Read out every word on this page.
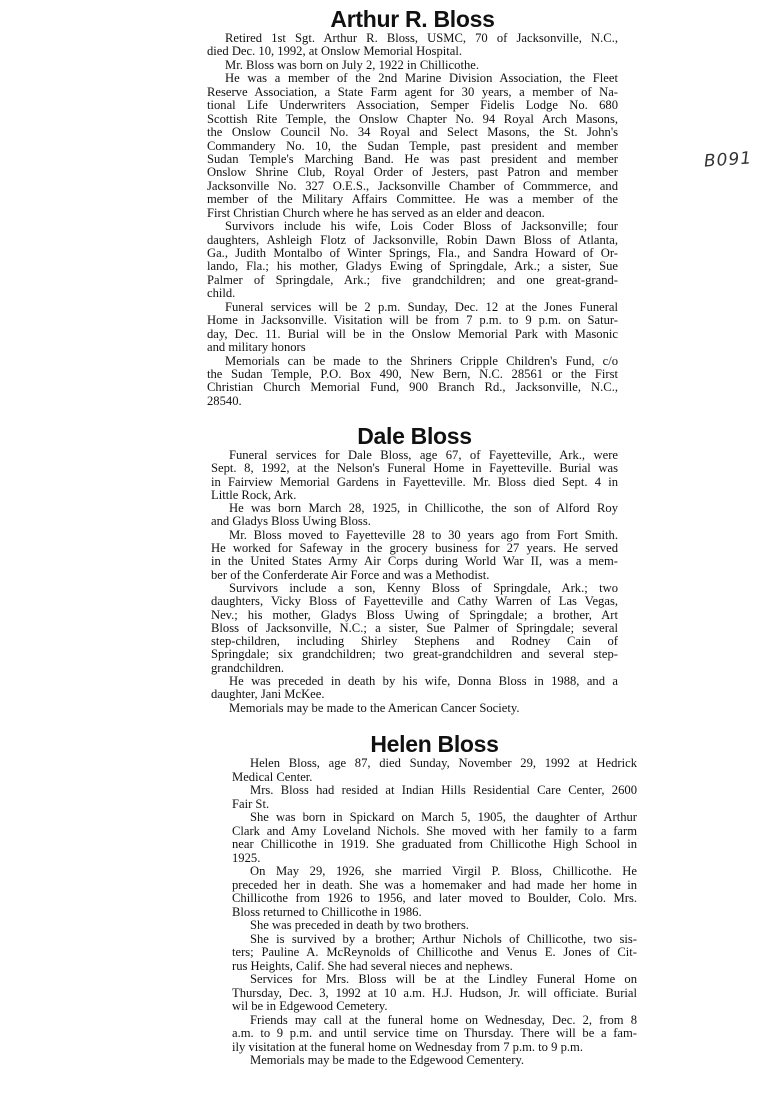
B091
Arthur R. Bloss
Retired 1st Sgt. Arthur R. Bloss, USMC, 70 of Jacksonville, N.C.,
died Dec. 10, 1992, at Onslow Memorial Hospital.
Mr. Bloss was born on July 2, 1922 in Chillicothe.
He was a member of the 2nd Marine Division Association, the Fleet
Reserve Association, a State Farm agent for 30 years, a member of Na-
tional Life Underwriters Association, Semper Fidelis Lodge No. 680
Scottish Rite Temple, the Onslow Chapter No. 94 Royal Arch Masons,
the Onslow Council No. 34 Royal and Select Masons, the St. John's
Commandery No. 10, the Sudan Temple, past president and member
Sudan Temple's Marching Band. He was past president and member
Onslow Shrine Club, Royal Order of Jesters, past Patron and member
Jacksonville No. 327 O.E.S., Jacksonville Chamber of Commmerce, and
member of the Military Affairs Committee. He was a member of the
First Christian Church where he has served as an elder and deacon.
Survivors include his wife, Lois Coder Bloss of Jacksonville; four
daughters, Ashleigh Flotz of Jacksonville, Robin Dawn Bloss of Atlanta,
Ga., Judith Montalbo of Winter Springs, Fla., and Sandra Howard of Or-
lando, Fla.; his mother, Gladys Ewing of Springdale, Ark.; a sister, Sue
Palmer of Springdale, Ark.; five grandchildren; and one great-grand-
child.
Funeral services will be 2 p.m. Sunday, Dec. 12 at the Jones Funeral
Home in Jacksonville. Visitation will be from 7 p.m. to 9 p.m. on Satur-
day, Dec. 11. Burial will be in the Onslow Memorial Park with Masonic
and military honors
Memorials can be made to the Shriners Cripple Children's Fund, c/o
the Sudan Temple, P.O. Box 490, New Bern, N.C. 28561 or the First
Christian Church Memorial Fund, 900 Branch Rd., Jacksonville, N.C.,
28540.
Dale Bloss
Funeral services for Dale Bloss, age 67, of Fayetteville, Ark., were
Sept. 8, 1992, at the Nelson's Funeral Home in Fayetteville. Burial was
in Fairview Memorial Gardens in Fayetteville. Mr. Bloss died Sept. 4 in
Little Rock, Ark.
He was born March 28, 1925, in Chillicothe, the son of Alford Roy
and Gladys Bloss Uwing Bloss.
Mr. Bloss moved to Fayetteville 28 to 30 years ago from Fort Smith.
He worked for Safeway in the grocery business for 27 years. He served
in the United States Army Air Corps during World War II, was a mem-
ber of the Conferderate Air Force and was a Methodist.
Survivors include a son, Kenny Bloss of Springdale, Ark.; two
daughters, Vicky Bloss of Fayetteville and Cathy Warren of Las Vegas,
Nev.; his mother, Gladys Bloss Uwing of Springdale; a brother, Art
Bloss of Jacksonville, N.C.; a sister, Sue Palmer of Springdale; several
step-children, including Shirley Stephens and Rodney Cain of
Springdale; six grandchildren; two great-grandchildren and several step-
grandchildren.
He was preceded in death by his wife, Donna Bloss in 1988, and a
daughter, Jani McKee.
Memorials may be made to the American Cancer Society.
Helen Bloss
Helen Bloss, age 87, died Sunday, November 29, 1992 at Hedrick
Medical Center.
Mrs. Bloss had resided at Indian Hills Residential Care Center, 2600
Fair St.
She was born in Spickard on March 5, 1905, the daughter of Arthur
Clark and Amy Loveland Nichols. She moved with her family to a farm
near Chillicothe in 1919. She graduated from Chillicothe High School in
1925.
On May 29, 1926, she married Virgil P. Bloss, Chillicothe. He
preceded her in death. She was a homemaker and had made her home in
Chillicothe from 1926 to 1956, and later moved to Boulder, Colo. Mrs.
Bloss returned to Chillicothe in 1986.
She was preceded in death by two brothers.
She is survived by a brother; Arthur Nichols of Chillicothe, two sis-
ters; Pauline A. McReynolds of Chillicothe and Venus E. Jones of Cit-
rus Heights, Calif. She had several nieces and nephews.
Services for Mrs. Bloss will be at the Lindley Funeral Home on
Thursday, Dec. 3, 1992 at 10 a.m. H.J. Hudson, Jr. will officiate. Burial
wil be in Edgewood Cemetery.
Friends may call at the funeral home on Wednesday, Dec. 2, from 8
a.m. to 9 p.m. and until service time on Thursday. There will be a fam-
ily visitation at the funeral home on Wednesday from 7 p.m. to 9 p.m.
Memorials may be made to the Edgewood Cementery.
